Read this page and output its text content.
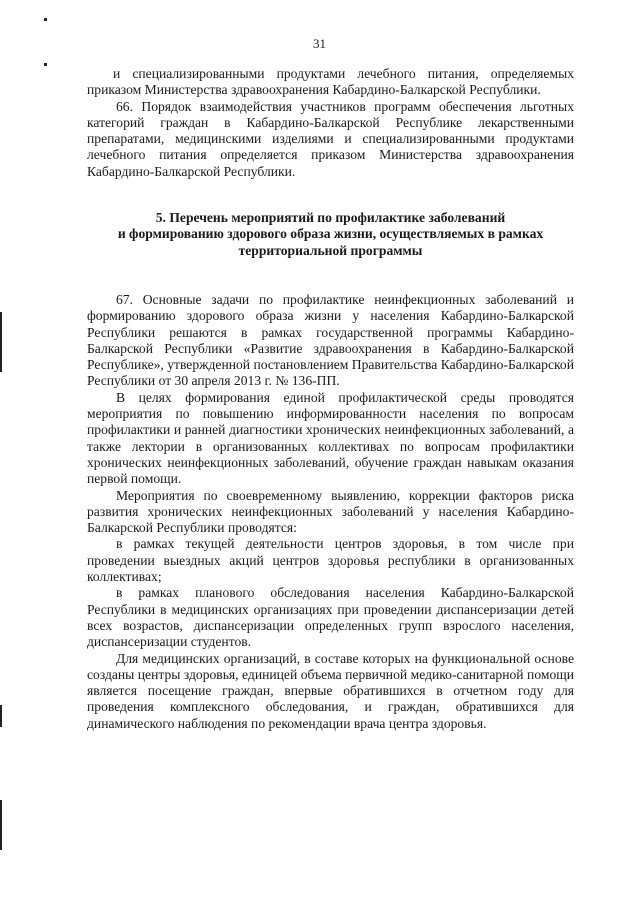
31

и специализированными продуктами лечебного питания, определяемых приказом Министерства здравоохранения Кабардино-Балкарской Республики.

66. Порядок взаимодействия участников программ обеспечения льготных категорий граждан в Кабардино-Балкарской Республике лекарственными препаратами, медицинскими изделиями и специализированными продуктами лечебного питания определяется приказом Министерства здравоохранения Кабардино-Балкарской Республики.

5. Перечень мероприятий по профилактике заболеваний
и формированию здорового образа жизни, осуществляемых в рамках
территориальной программы

67. Основные задачи по профилактике неинфекционных заболеваний и формированию здорового образа жизни у населения Кабардино-Балкарской Республики решаются в рамках государственной программы Кабардино-Балкарской Республики «Развитие здравоохранения в Кабардино-Балкарской Республике», утвержденной постановлением Правительства Кабардино-Балкарской Республики от 30 апреля 2013 г. № 136-ПП.

В целях формирования единой профилактической среды проводятся мероприятия по повышению информированности населения по вопросам профилактики и ранней диагностики хронических неинфекционных заболеваний, а также лектории в организованных коллективах по вопросам профилактики хронических неинфекционных заболеваний, обучение граждан навыкам оказания первой помощи.

Мероприятия по своевременному выявлению, коррекции факторов риска развития хронических неинфекционных заболеваний у населения Кабардино-Балкарской Республики проводятся:

в рамках текущей деятельности центров здоровья, в том числе при проведении выездных акций центров здоровья республики в организованных коллективах;

в рамках планового обследования населения Кабардино-Балкарской Республики в медицинских организациях при проведении диспансеризации детей всех возрастов, диспансеризации определенных групп взрослого населения, диспансеризации студентов.

Для медицинских организаций, в составе которых на функциональной основе созданы центры здоровья, единицей объема первичной медико-санитарной помощи является посещение граждан, впервые обратившихся в отчетном году для проведения комплексного обследования, и граждан, обратившихся для динамического наблюдения по рекомендации врача центра здоровья.
